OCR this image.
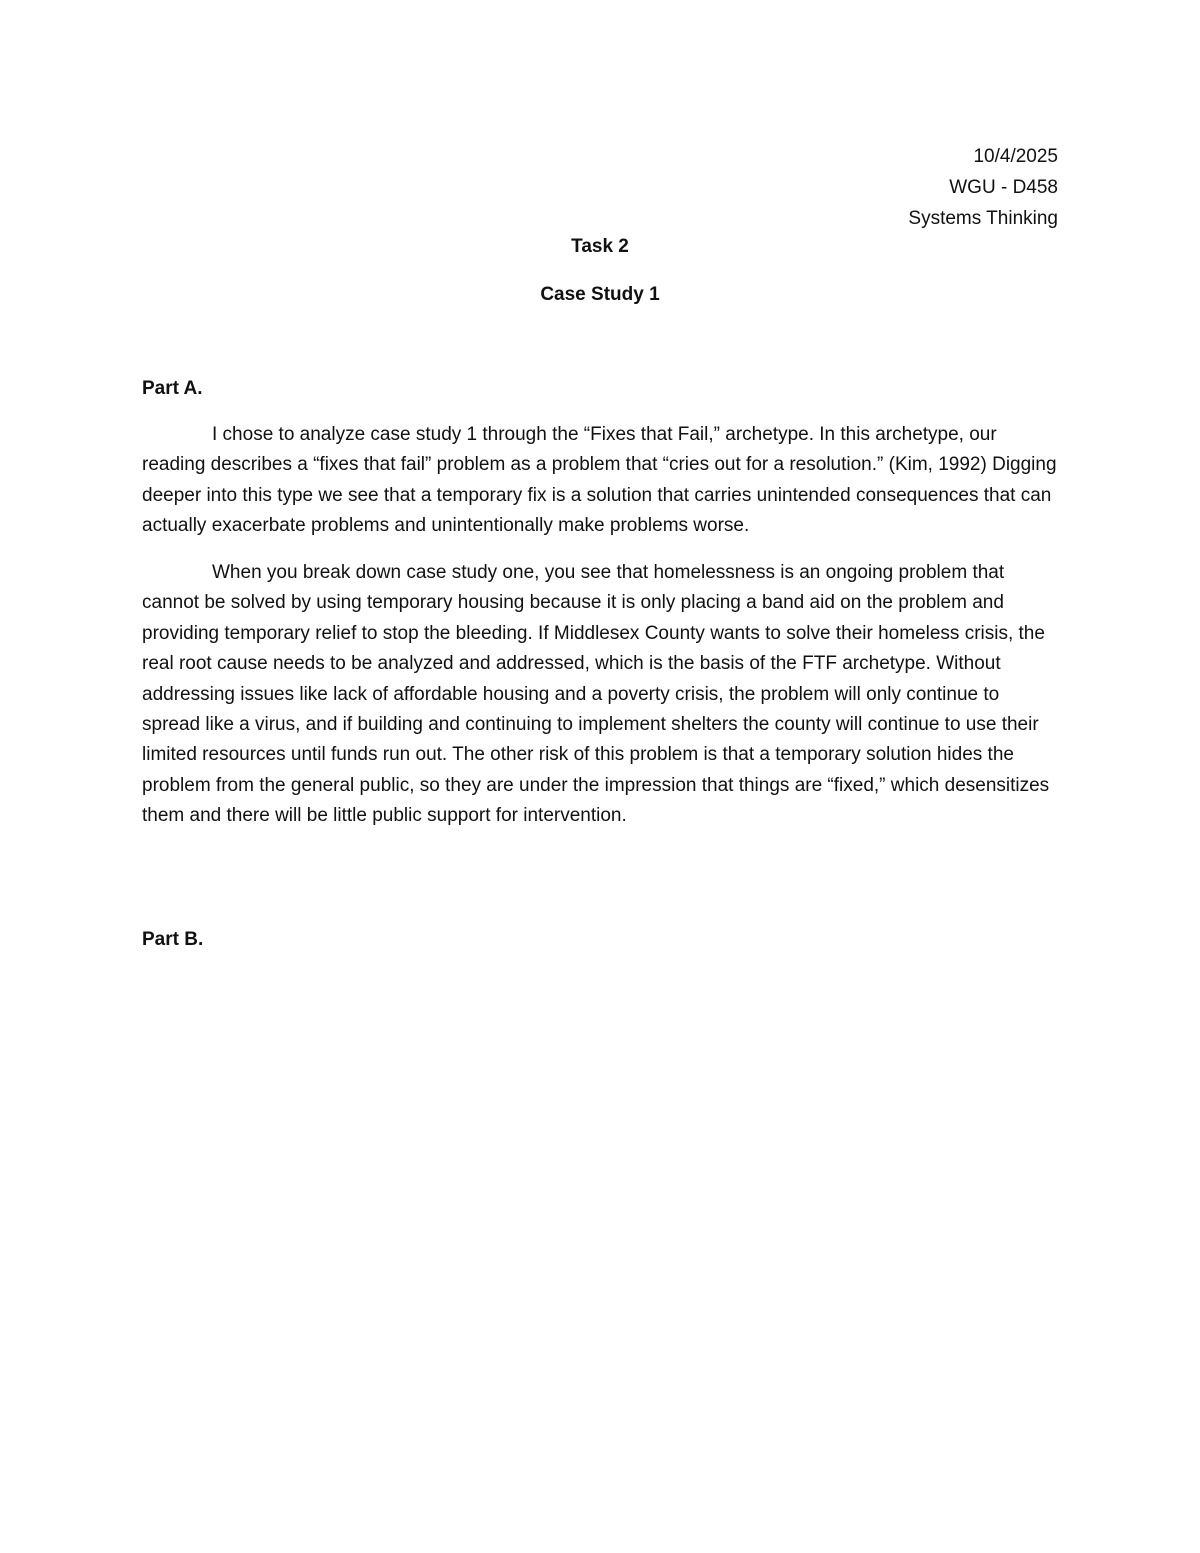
10/4/2025
WGU - D458
Systems Thinking
Task 2
Case Study 1
Part A.

I chose to analyze case study 1 through the “Fixes that Fail,” archetype. In this archetype, our reading describes a “fixes that fail” problem as a problem that “cries out for a resolution.” (Kim, 1992) Digging deeper into this type we see that a temporary fix is a solution that carries unintended consequences that can actually exacerbate problems and unintentionally make problems worse.

When you break down case study one, you see that homelessness is an ongoing problem that cannot be solved by using temporary housing because it is only placing a band aid on the problem and providing temporary relief to stop the bleeding. If Middlesex County wants to solve their homeless crisis, the real root cause needs to be analyzed and addressed, which is the basis of the FTF archetype. Without addressing issues like lack of affordable housing and a poverty crisis, the problem will only continue to spread like a virus, and if building and continuing to implement shelters the county will continue to use their limited resources until funds run out. The other risk of this problem is that a temporary solution hides the problem from the general public, so they are under the impression that things are “fixed,” which desensitizes them and there will be little public support for intervention.

Part B.
